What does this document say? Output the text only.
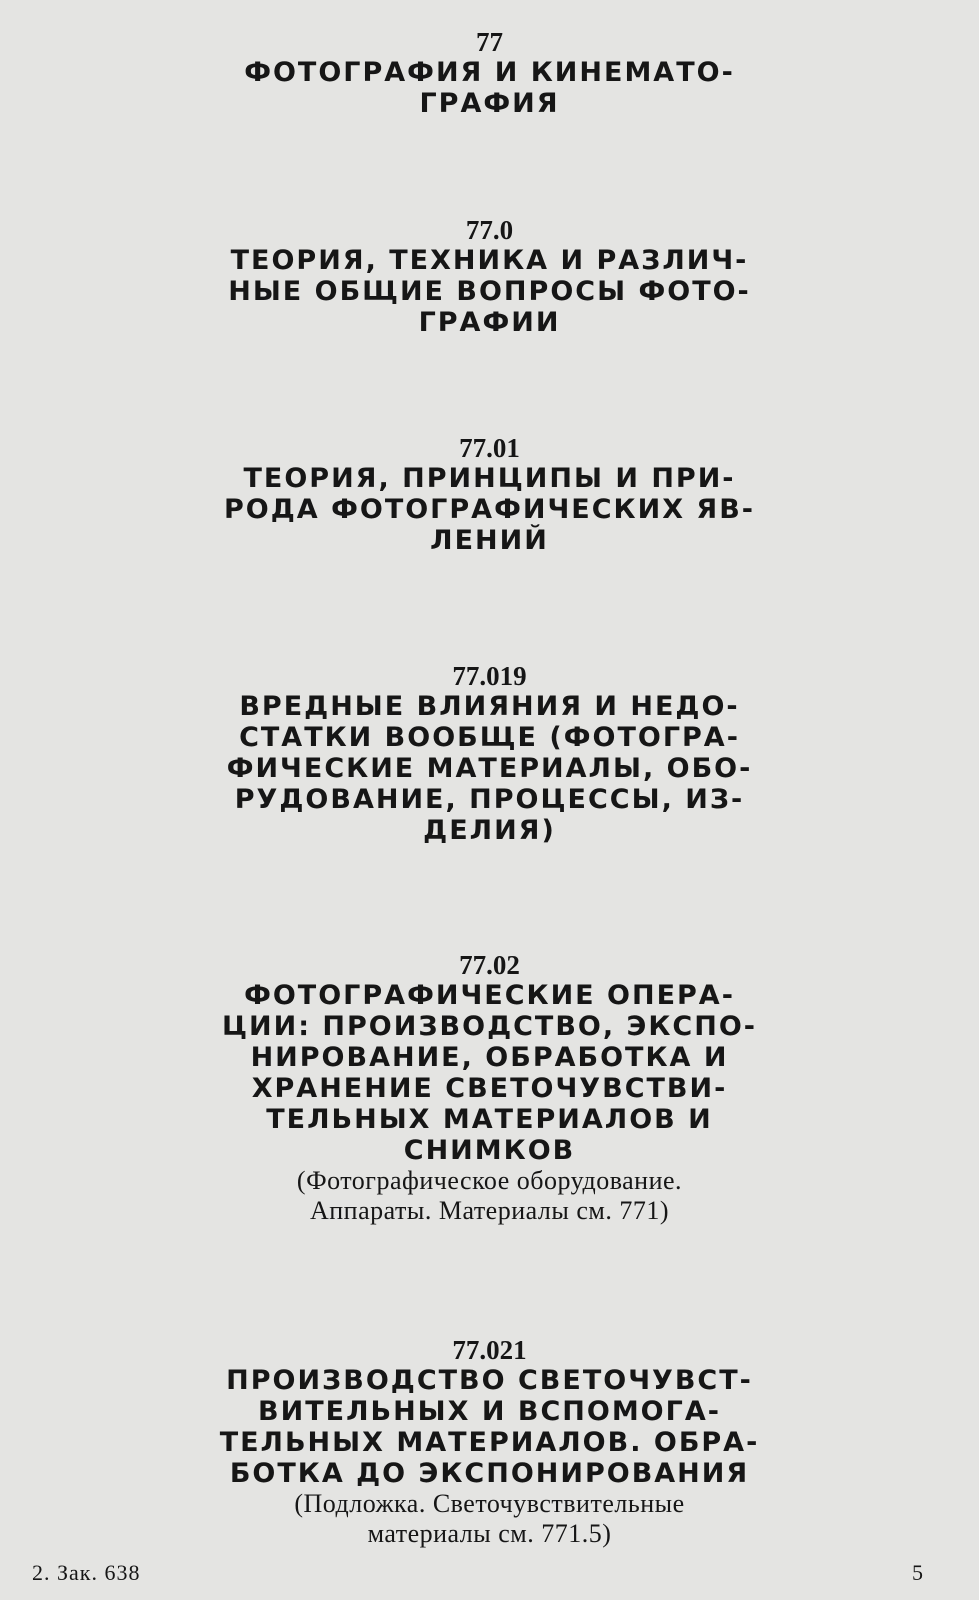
77
ФОТОГРАФИЯ И КИНЕМАТО-
ГРАФИЯ
77.0
ТЕОРИЯ, ТЕХНИКА И РАЗЛИЧ-
НЫЕ ОБЩИЕ ВОПРОСЫ ФОТО-
ГРАФИИ
77.01
ТЕОРИЯ, ПРИНЦИПЫ И ПРИ-
РОДА ФОТОГРАФИЧЕСКИХ ЯВ-
ЛЕНИЙ
77.019
ВРЕДНЫЕ ВЛИЯНИЯ И НЕДО-
СТАТКИ ВООБЩЕ (ФОТОГРА-
ФИЧЕСКИЕ МАТЕРИАЛЫ, ОБО-
РУДОВАНИЕ, ПРОЦЕССЫ, ИЗ-
ДЕЛИЯ)
77.02
ФОТОГРАФИЧЕСКИЕ ОПЕРА-
ЦИИ: ПРОИЗВОДСТВО, ЭКСПО-
НИРОВАНИЕ, ОБРАБОТКА И
ХРАНЕНИЕ СВЕТОЧУВСТВИ-
ТЕЛЬНЫХ МАТЕРИАЛОВ И
СНИМКОВ
(Фотографическое оборудование.
Аппараты. Материалы см. 771)
77.021
ПРОИЗВОДСТВО СВЕТОЧУВСТ-
ВИТЕЛЬНЫХ И ВСПОМОГА-
ТЕЛЬНЫХ МАТЕРИАЛОВ. ОБРА-
БОТКА ДО ЭКСПОНИРОВАНИЯ
(Подложка. Светочувствительные
материалы см. 771.5)
2. Зак. 638	5
